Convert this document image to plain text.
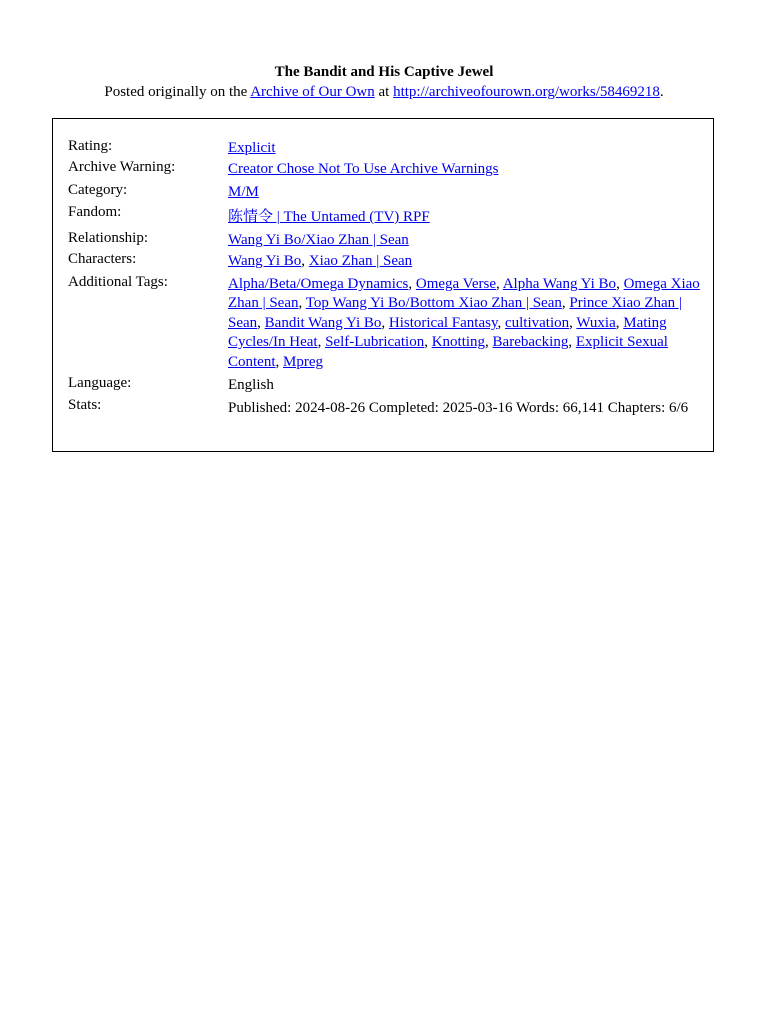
The Bandit and His Captive Jewel
Posted originally on the Archive of Our Own at http://archiveofourown.org/works/58469218.
Rating:	Explicit
Archive Warning:	Creator Chose Not To Use Archive Warnings
Category:	M/M
Fandom:	陈情令 | The Untamed (TV) RPF
Relationship:	Wang Yi Bo/Xiao Zhan | Sean
Characters:	Wang Yi Bo, Xiao Zhan | Sean
Additional Tags:	Alpha/Beta/Omega Dynamics, Omega Verse, Alpha Wang Yi Bo, Omega Xiao Zhan | Sean, Top Wang Yi Bo/Bottom Xiao Zhan | Sean, Prince Xiao Zhan | Sean, Bandit Wang Yi Bo, Historical Fantasy, cultivation, Wuxia, Mating Cycles/In Heat, Self-Lubrication, Knotting, Barebacking, Explicit Sexual Content, Mpreg
Language:	English
Stats:	Published: 2024-08-26 Completed: 2025-03-16 Words: 66,141 Chapters: 6/6
